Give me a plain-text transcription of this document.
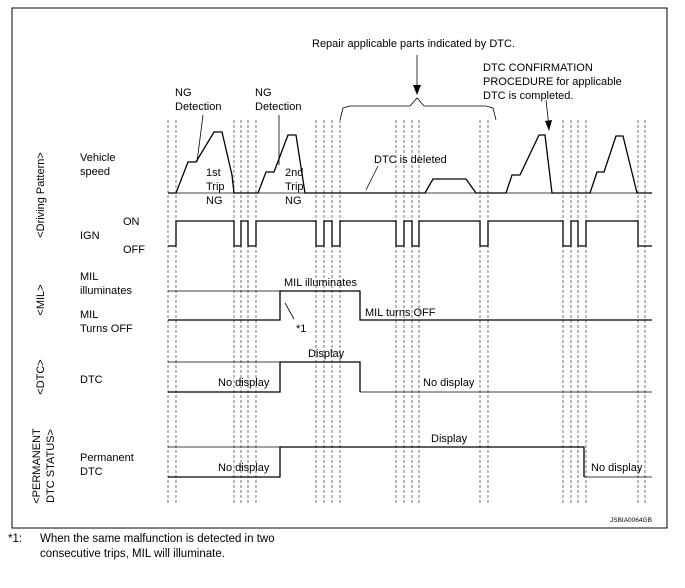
<Driving Pattern>
<MIL>
<DTC>
<PERMANENT DTC STATUS>
Vehicle
speed
IGN
ON
OFF
MIL
illuminates
MIL
Turns OFF
DTC
Permanent
DTC
Repair applicable parts indicated by DTC.
DTC CONFIRMATION
PROCEDURE for applicable
DTC is completed.
NG
Detection
NG
Detection
1st
Trip
NG
2nd
Trip
NG
DTC is deleted
MIL illuminates
MIL turns OFF
*1
Display
No display	No display
Display
No display	No display
JSBIA0064GB
*1: When the same malfunction is detected in two consecutive trips, MIL will illuminate.
